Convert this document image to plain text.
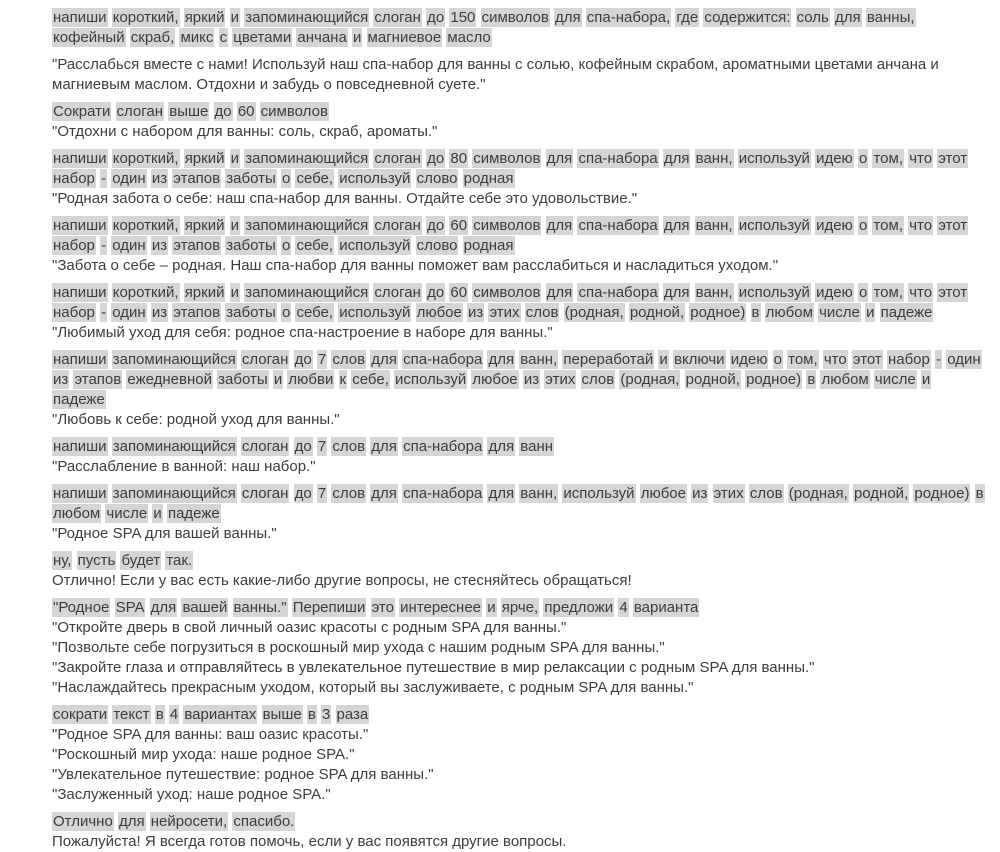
напиши короткий, яркий и запоминающийся слоган до 150 символов для спа-набора, где содержится: соль для ванны, кофейный скраб, микс с цветами анчана и магниевое масло
"Расслабься вместе с нами! Используй наш спа-набор для ванны с солью, кофейным скрабом, ароматными цветами анчана и магниевым маслом. Отдохни и забудь о повседневной суете."
Сократи слоган выше до 60 символов
"Отдохни с набором для ванны: соль, скраб, ароматы."
напиши короткий, яркий и запоминающийся слоган до 80 символов для спа-набора для ванн, используй идею о том, что этот набор - один из этапов заботы о себе, используй слово родная
"Родная забота о себе: наш спа-набор для ванны. Отдайте себе это удовольствие."
напиши короткий, яркий и запоминающийся слоган до 60 символов для спа-набора для ванн, используй идею о том, что этот набор - один из этапов заботы о себе, используй слово родная
"Забота о себе – родная. Наш спа-набор для ванны поможет вам расслабиться и насладиться уходом."
напиши короткий, яркий и запоминающийся слоган до 60 символов для спа-набора для ванн, используй идею о том, что этот набор - один из этапов заботы о себе, используй любое из этих слов (родная, родной, родное) в любом числе и падеже
"Любимый уход для себя: родное спа-настроение в наборе для ванны."
напиши запоминающийся слоган до 7 слов для спа-набора для ванн, переработай и включи идею о том, что этот набор - один из этапов ежедневной заботы и любви к себе, используй любое из этих слов (родная, родной, родное) в любом числе и падеже
"Любовь к себе: родной уход для ванны."
напиши запоминающийся слоган до 7 слов для спа-набора для ванн
"Расслабление в ванной: наш набор."
напиши запоминающийся слоган до 7 слов для спа-набора для ванн, используй любое из этих слов (родная, родной, родное) в любом числе и падеже
"Родное SPA для вашей ванны."
ну, пусть будет так.
Отлично! Если у вас есть какие-либо другие вопросы, не стесняйтесь обращаться!
"Родное SPA для вашей ванны." Перепиши это интереснее и ярче, предложи 4 варианта
"Откройте дверь в свой личный оазис красоты с родным SPA для ванны."
"Позвольте себе погрузиться в роскошный мир ухода с нашим родным SPA для ванны."
"Закройте глаза и отправляйтесь в увлекательное путешествие в мир релаксации с родным SPA для ванны."
"Наслаждайтесь прекрасным уходом, который вы заслуживаете, с родным SPA для ванны."
сократи текст в 4 вариантах выше в 3 раза
"Родное SPA для ванны: ваш оазис красоты."
"Роскошный мир ухода: наше родное SPA."
"Увлекательное путешествие: родное SPA для ванны."
"Заслуженный уход: наше родное SPA."
Отлично для нейросети, спасибо.
Пожалуйста! Я всегда готов помочь, если у вас появятся другие вопросы.
